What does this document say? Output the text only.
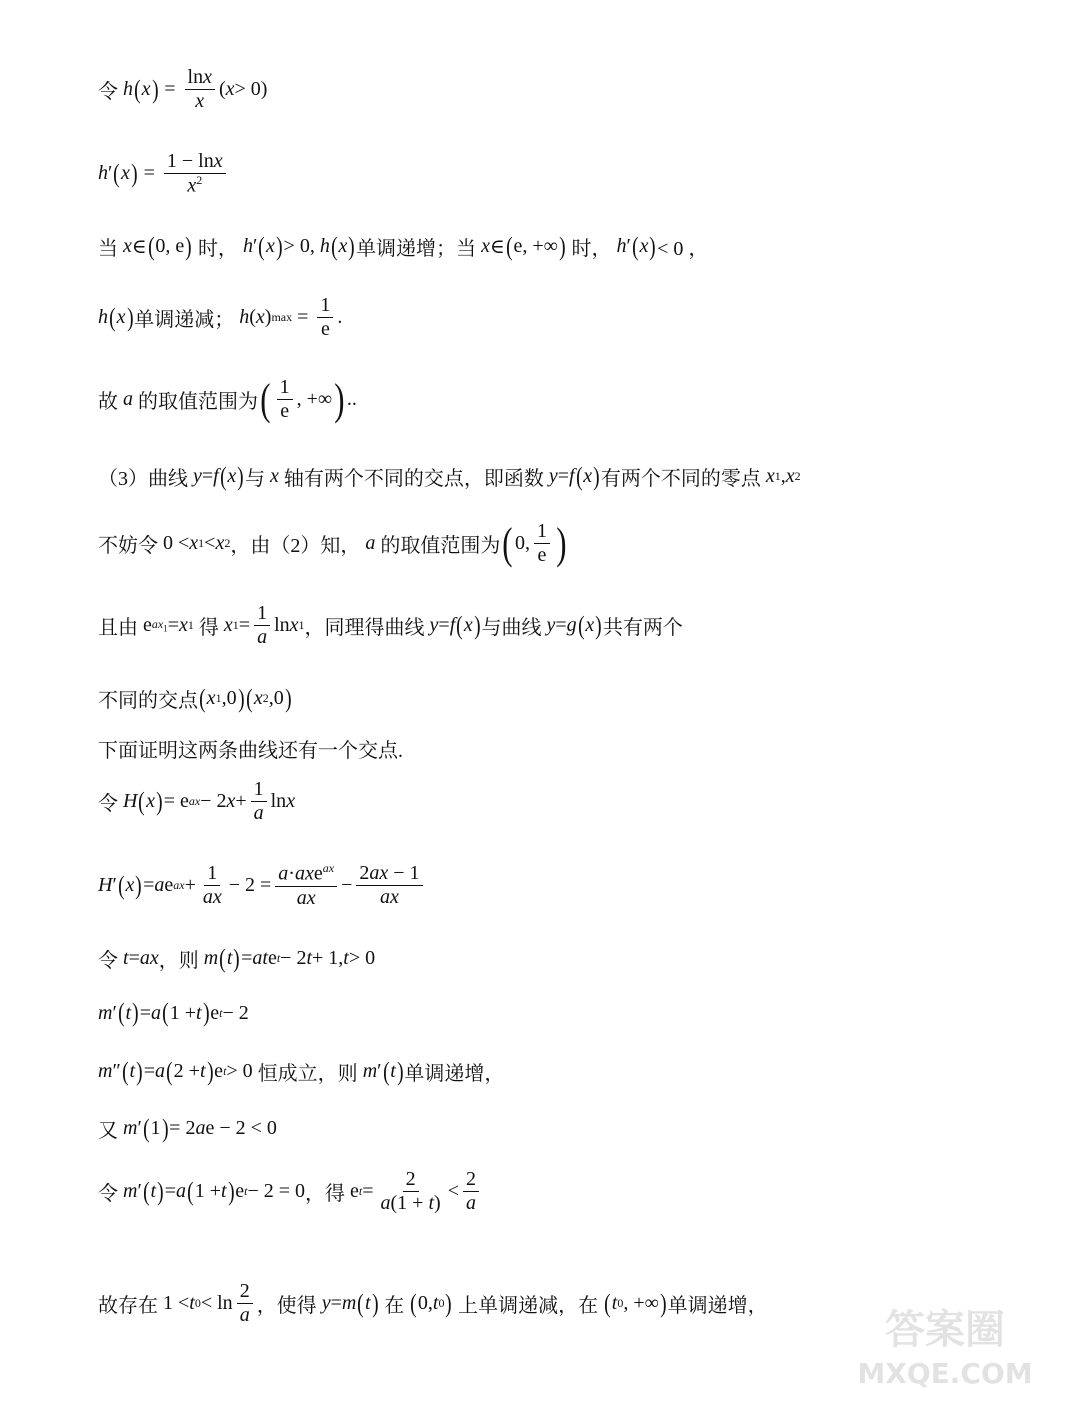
令
h ( x ) = $\frac{\ln x}{x}$ ( x > 0)
h ′ ( x ) = $\frac{1 - \ln x}{x^2}$
当
x ∈ ( 0, e )
时，
h ′ ( x ) > 0, h ( x ) 单调递增； 当
x ∈ ( e, +∞ )
时，
h ′ ( x ) < 0 ，
h ( x ) 单调递减；
h ( x ) $\max = \frac{1}{e}$ .
故
a
的取值范围为 ( $\frac{1}{e}$ , +∞ ) ..
（3）曲线
y = f ( x ) 与
x
轴有两个不同的交点，即函数
y = f ( x ) 有两个不同的零点
x 1 , x 2
不妨令 0 < x 1 < x 2 ，由（2）知，
a
的取值范围为 ( 0, $\frac{1}{e}$ )
且由 e $ax_1 = x$ 1
得
x $1 = \frac{1}{a}$ ln x 1 ，同理得曲线
y = f ( x ) 与曲线
y = g ( x ) 共有两个
不同的交点 ( x 1 ,0 ) ( x 2 ,0 )
下面证明这两条曲线还有一个交点.
令
H ( x ) = e ax − 2 $x + \frac{1}{a}$ ln x
H ′ ( x ) = a e ax + $\frac{1}{ax} - 2 = \frac{a\cdot axe^{ax}}{ax} - \frac{2ax - 1}{ax}$
令
t = ax ，则
m ( t ) = at e t − 2 t + 1, t > 0
m ′ ( t ) = a ( 1 + t ) e t − 2
m ″ ( t ) = a ( 2 + t ) e t > 0 恒成立，则
m ′ ( t ) 单调递增，
又
m ′ ( 1 ) = 2 a e − 2 < 0
令
m ′ ( t ) = a ( 1 + t ) e t − 2 = 0 ，得 e $t = \frac{2}{a(1 + t)} < \frac{2}{a}$
故存在 1 < t $0 < \ln \frac{2}{a}$ ，使得
y = m ( t )
在
( 0, t 0 )
上单调递减，在
( t 0 , +∞ ) 单调递增，
答案圈
MXQE.COM
